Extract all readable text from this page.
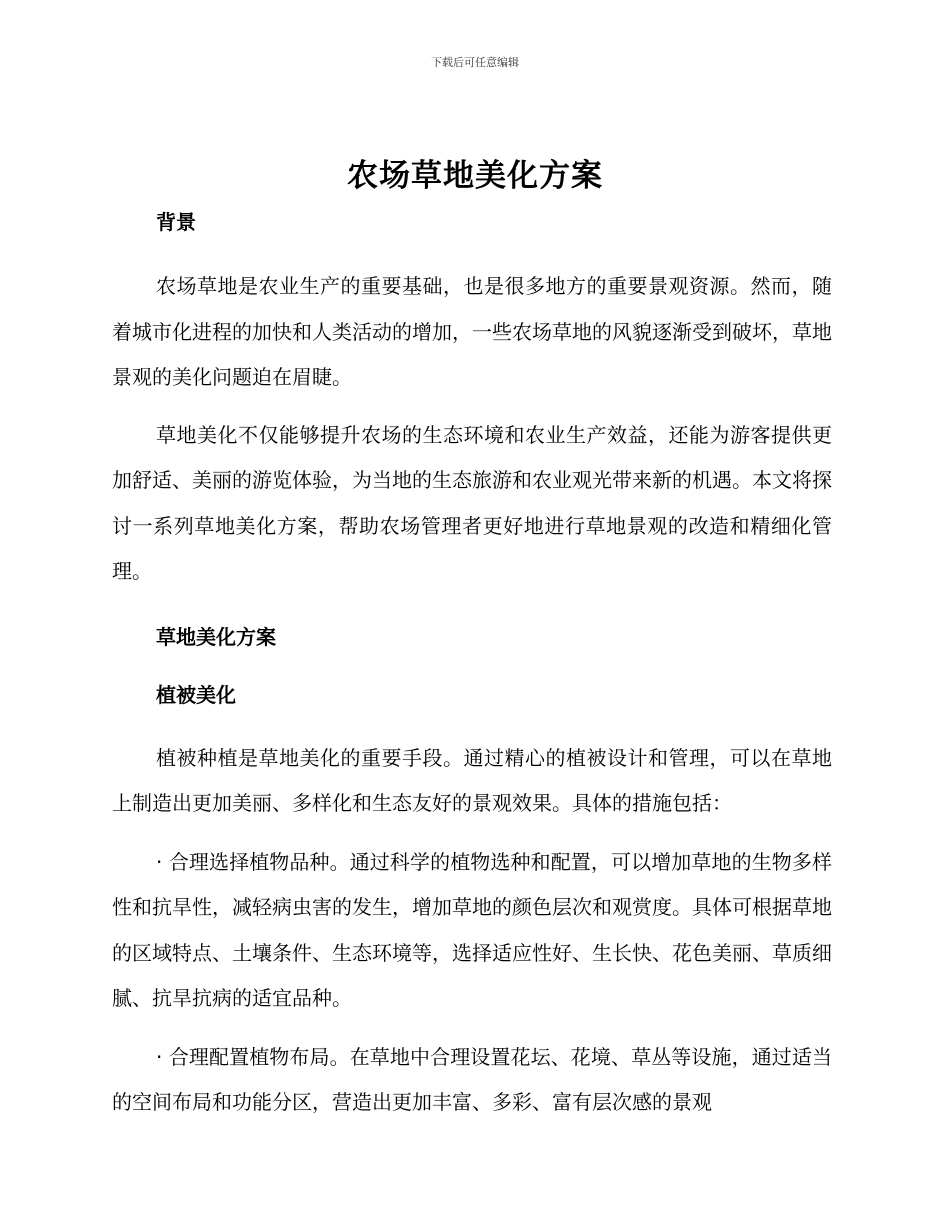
下载后可任意编辑
农场草地美化方案

背景

农场草地是农业生产的重要基础，也是很多地方的重要景观资源。然而，随着城市化进程的加快和人类活动的增加，一些农场草地的风貌逐渐受到破坏，草地景观的美化问题迫在眉睫。

草地美化不仅能够提升农场的生态环境和农业生产效益，还能为游客提供更加舒适、美丽的游览体验，为当地的生态旅游和农业观光带来新的机遇。本文将探讨一系列草地美化方案，帮助农场管理者更好地进行草地景观的改造和精细化管理。

草地美化方案

植被美化

植被种植是草地美化的重要手段。通过精心的植被设计和管理，可以在草地上制造出更加美丽、多样化和生态友好的景观效果。具体的措施包括：

· 合理选择植物品种。通过科学的植物选种和配置，可以增加草地的生物多样性和抗旱性，减轻病虫害的发生，增加草地的颜色层次和观赏度。具体可根据草地的区域特点、土壤条件、生态环境等，选择适应性好、生长快、花色美丽、草质细腻、抗旱抗病的适宜品种。

· 合理配置植物布局。在草地中合理设置花坛、花境、草丛等设施，通过适当的空间布局和功能分区，营造出更加丰富、多彩、富有层次感的景观
